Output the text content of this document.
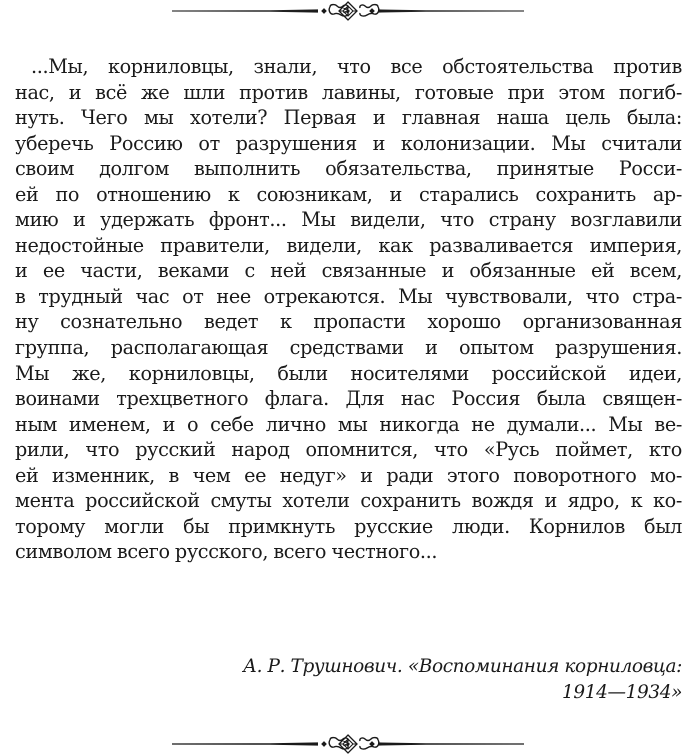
...Мы, корниловцы, знали, что все обстоятельства против
нас, и всё же шли против лавины, готовые при этом погиб-
нуть. Чего мы хотели? Первая и главная наша цель была:
уберечь Россию от разрушения и колонизации. Мы считали
своим долгом выполнить обязательства, принятые Росси-
ей по отношению к союзникам, и старались сохранить ар-
мию и удержать фронт... Мы видели, что страну возглавили
недостойные правители, видели, как разваливается империя,
и ее части, веками с ней связанные и обязанные ей всем,
в трудный час от нее отрекаются. Мы чувствовали, что стра-
ну сознательно ведет к пропасти хорошо организованная
группа, располагающая средствами и опытом разрушения.
Мы же, корниловцы, были носителями российской идеи,
воинами трехцветного флага. Для нас Россия была священ-
ным именем, и о себе лично мы никогда не думали... Мы ве-
рили, что русский народ опомнится, что «Русь поймет, кто
ей изменник, в чем ее недуг» и ради этого поворотного мо-
мента российской смуты хотели сохранить вождя и ядро, к ко-
торому могли бы примкнуть русские люди. Корнилов был
символом всего русского, всего честного...
А. Р. Трушнович. «Воспоминания корниловца:
1914—1934»
